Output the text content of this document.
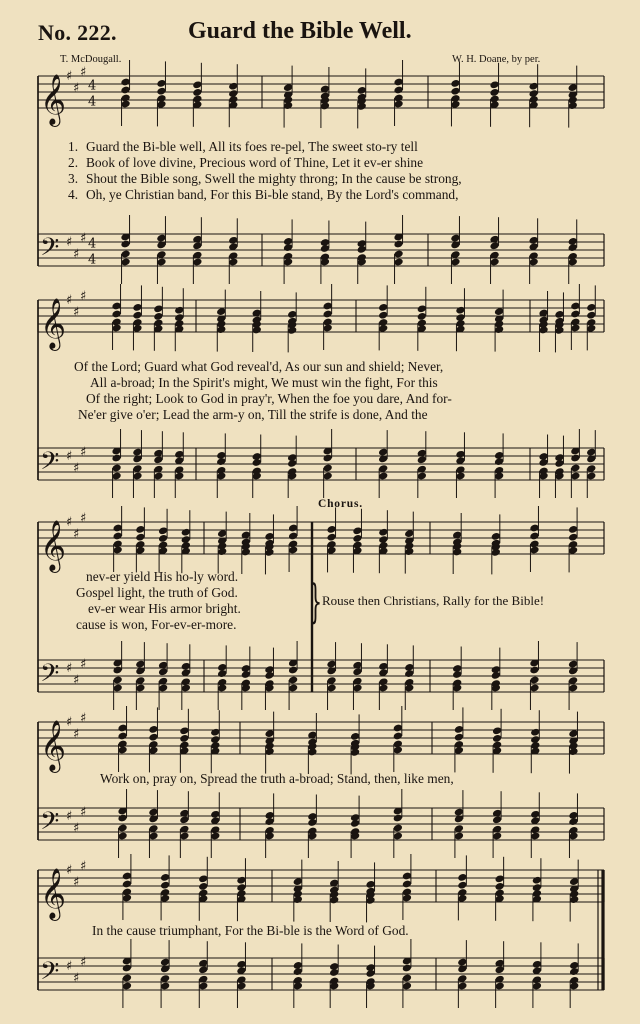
No. 222.	Guard the Bible Well.
T. McDougall.	W. H. Doane, by per.
𝄞 ♯
♯
♯
4
4
𝄢 ♯
♯
♯ 4
4
𝄞 ♯
♯
♯
𝄢 ♯
♯
♯
𝄞 ♯
♯
♯
𝄢 ♯
♯
♯
𝄞 ♯
♯
♯
𝄢 ♯
♯
♯
𝄞 ♯
♯
♯
𝄢 ♯
♯
♯
1. Guard the Bi-ble well, All its foes re-pel, The sweet sto-ry tell
2. Book of love divine, Precious word of Thine, Let it ev-er shine
3. Shout the Bible song, Swell the mighty throng; In the cause be strong,
4. Oh, ye Christian band, For this Bi-ble stand, By the Lord's command,
Of the Lord; Guard what God reveal'd, As our sun and shield; Never,
All a-broad; In the Spirit's might, We must win the fight, For this
Of the right; Look to God in pray'r, When the foe you dare, And for-
Ne'er give o'er; Lead the arm-y on, Till the strife is done, And the
Chorus.
nev-er yield His ho-ly word.
Gospel light, the truth of God.
ev-er wear His armor bright.
cause is won, For-ev-er-more. } Rouse then Christians, Rally for the Bible!
Work on, pray on, Spread the truth a-broad; Stand, then, like men,
In the cause triumphant, For the Bi-ble is the Word of God.
